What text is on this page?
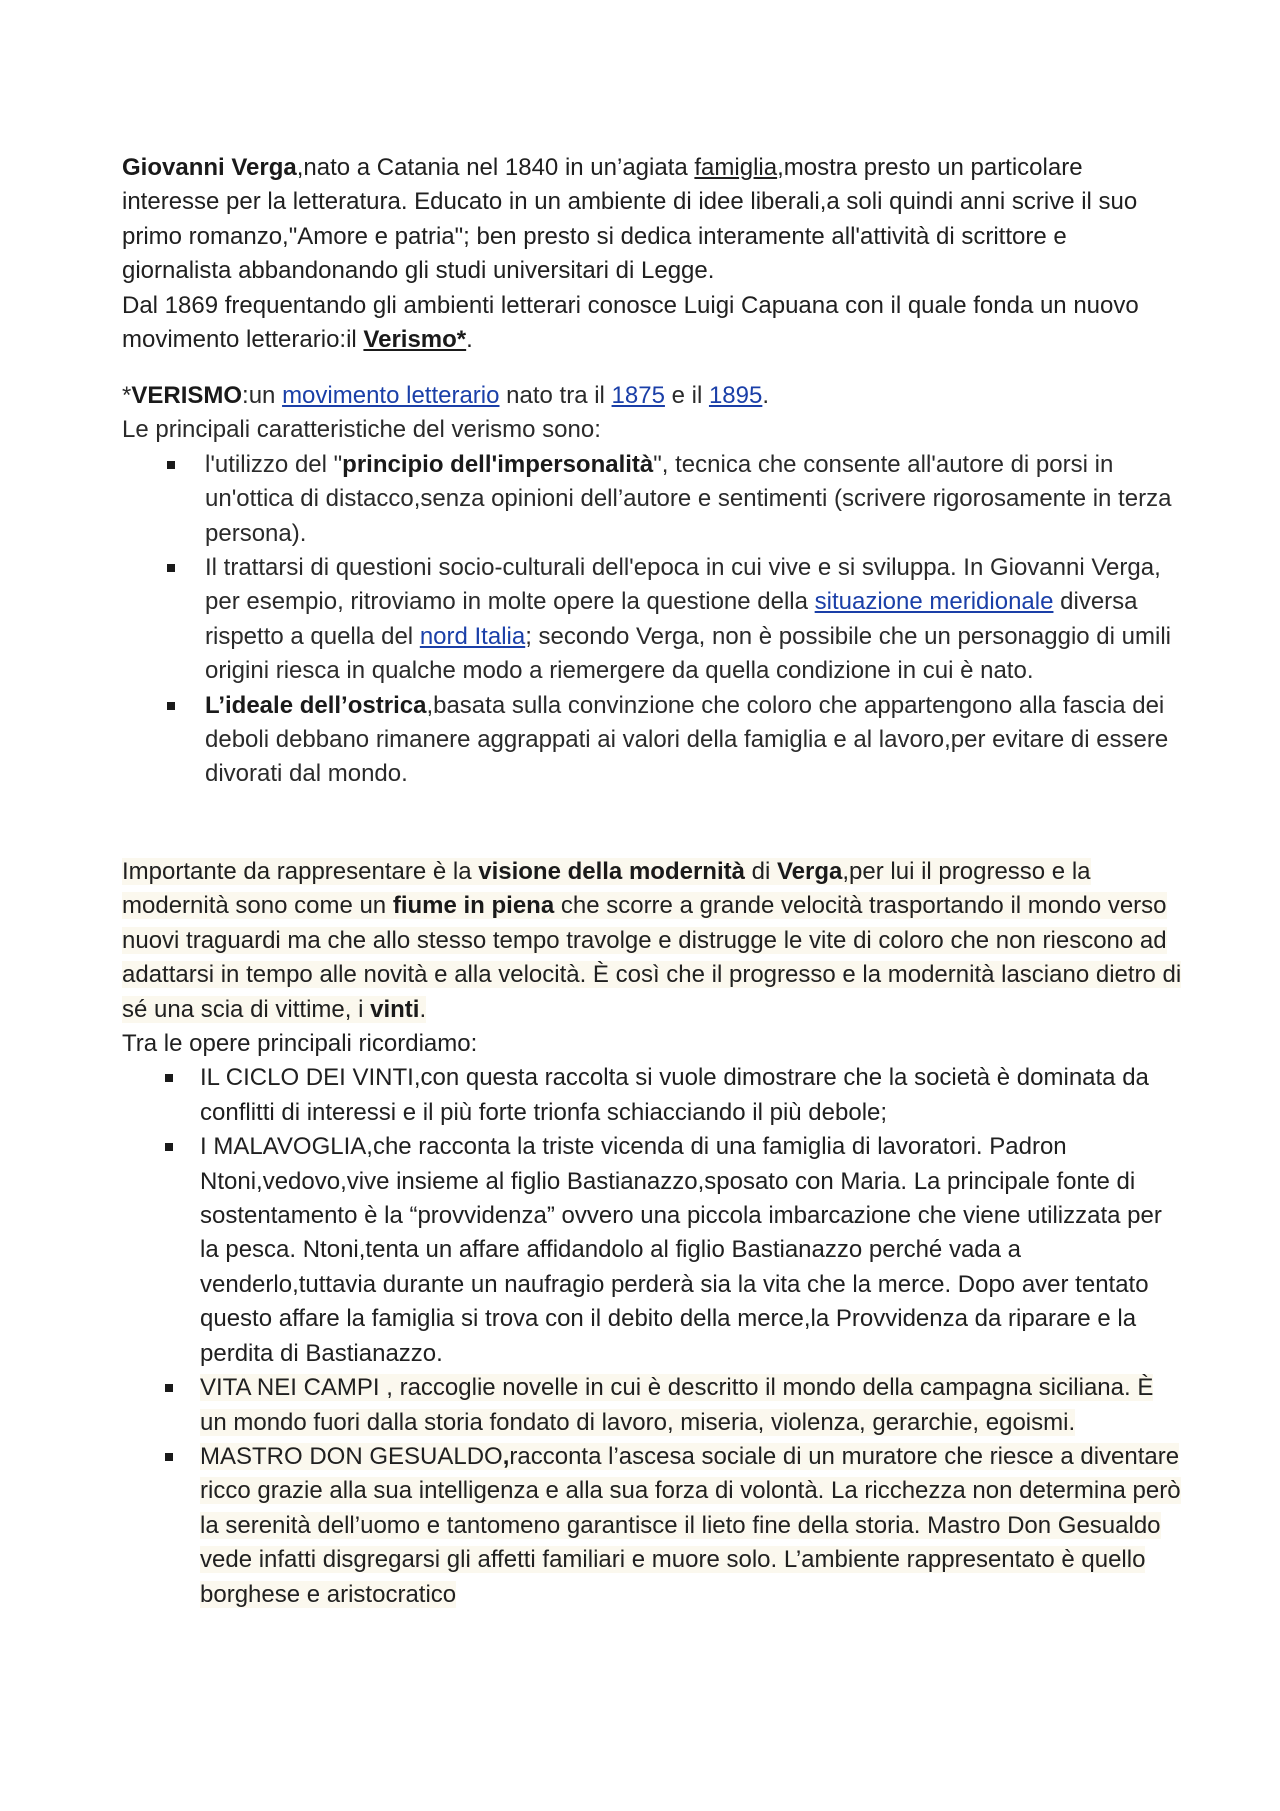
Giovanni Verga,nato a Catania nel 1840 in un’agiata famiglia,mostra presto un particolare interesse per la letteratura. Educato in un ambiente di idee liberali,a soli quindi anni scrive il suo primo romanzo,"Amore e patria"; ben presto si dedica interamente all'attività di scrittore e giornalista abbandonando gli studi universitari di Legge.
Dal 1869 frequentando gli ambienti letterari conosce Luigi Capuana con il quale fonda un nuovo movimento letterario:il Verismo*.
*VERISMO:un movimento letterario nato tra il 1875 e il 1895.
Le principali caratteristiche del verismo sono:
l'utilizzo del "principio dell'impersonalità", tecnica che consente all'autore di porsi in un'ottica di distacco,senza opinioni dell’autore e sentimenti (scrivere rigorosamente in terza persona).
Il trattarsi di questioni socio-culturali dell'epoca in cui vive e si sviluppa. In Giovanni Verga, per esempio, ritroviamo in molte opere la questione della situazione meridionale diversa rispetto a quella del nord Italia; secondo Verga, non è possibile che un personaggio di umili origini riesca in qualche modo a riemergere da quella condizione in cui è nato.
L’ideale dell’ostrica,basata sulla convinzione che coloro che appartengono alla fascia dei deboli debbano rimanere aggrappati ai valori della famiglia e al lavoro,per evitare di essere divorati dal mondo.
Importante da rappresentare è la visione della modernità di Verga,per lui il progresso e la modernità sono come un fiume in piena che scorre a grande velocità trasportando il mondo verso nuovi traguardi ma che allo stesso tempo travolge e distrugge le vite di coloro che non riescono ad adattarsi in tempo alle novità e alla velocità. È così che il progresso e la modernità lasciano dietro di sé una scia di vittime, i vinti.
Tra le opere principali ricordiamo:
IL CICLO DEI VINTI,con questa raccolta si vuole dimostrare che la società è dominata da conflitti di interessi e il più forte trionfa schiacciando il più debole;
I MALAVOGLIA,che racconta la triste vicenda di una famiglia di lavoratori. Padron Ntoni,vedovo,vive insieme al figlio Bastianazzo,sposato con Maria. La principale fonte di sostentamento è la “provvidenza” ovvero una piccola imbarcazione che viene utilizzata per la pesca. Ntoni,tenta un affare affidandolo al figlio Bastianazzo perché vada a venderlo,tuttavia durante un naufragio perderà sia la vita che la merce. Dopo aver tentato questo affare la famiglia si trova con il debito della merce,la Provvidenza da riparare e la perdita di Bastianazzo.
VITA NEI CAMPI , raccoglie novelle in cui è descritto il mondo della campagna siciliana. È un mondo fuori dalla storia fondato di lavoro, miseria, violenza, gerarchie, egoismi.
MASTRO DON GESUALDO,racconta l’ascesa sociale di un muratore che riesce a diventare ricco grazie alla sua intelligenza e alla sua forza di volontà. La ricchezza non determina però la serenità dell’uomo e tantomeno garantisce il lieto fine della storia. Mastro Don Gesualdo vede infatti disgregarsi gli affetti familiari e muore solo. L’ambiente rappresentato è quello borghese e aristocratico
